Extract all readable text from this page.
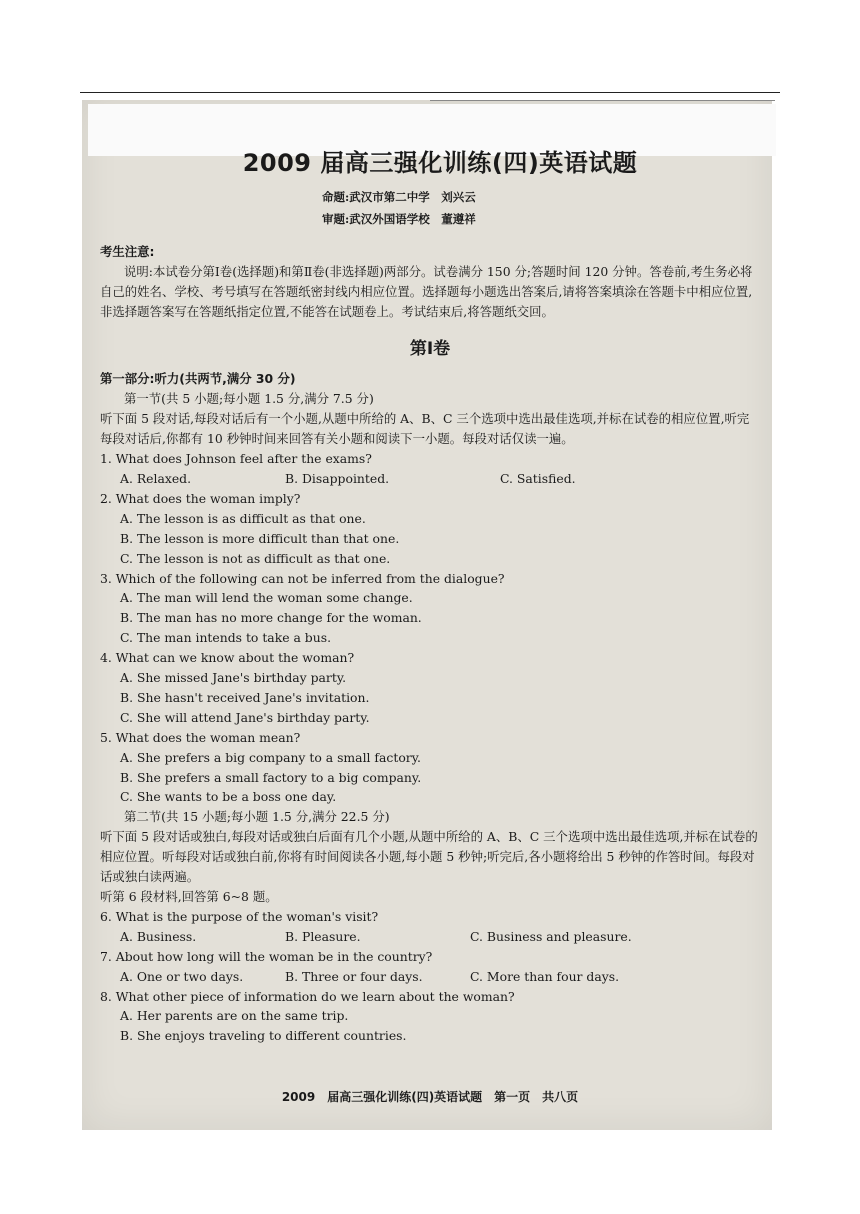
2009 届高三强化训练(四)英语试题
命题:武汉市第二中学　刘兴云
审题:武汉外国语学校　董遵祥
考生注意:
说明:本试卷分第Ⅰ卷(选择题)和第Ⅱ卷(非选择题)两部分。试卷满分 150 分;答题时间 120 分钟。答卷前,考生务必将自己的姓名、学校、考号填写在答题纸密封线内相应位置。选择题每小题选出答案后,请将答案填涂在答题卡中相应位置,非选择题答案写在答题纸指定位置,不能答在试题卷上。考试结束后,将答题纸交回。
第Ⅰ卷
第一部分:听力(共两节,满分 30 分)
第一节(共 5 小题;每小题 1.5 分,满分 7.5 分)
听下面 5 段对话,每段对话后有一个小题,从题中所给的 A、B、C 三个选项中选出最佳选项,并标在试卷的相应位置,听完每段对话后,你都有 10 秒钟时间来回答有关小题和阅读下一小题。每段对话仅读一遍。
1. What does Johnson feel after the exams?
A. Relaxed.	B. Disappointed.	C. Satisfied.
2. What does the woman imply?
A. The lesson is as difficult as that one.
B. The lesson is more difficult than that one.
C. The lesson is not as difficult as that one.
3. Which of the following can not be inferred from the dialogue?
A. The man will lend the woman some change.
B. The man has no more change for the woman.
C. The man intends to take a bus.
4. What can we know about the woman?
A. She missed Jane's birthday party.
B. She hasn't received Jane's invitation.
C. She will attend Jane's birthday party.
5. What does the woman mean?
A. She prefers a big company to a small factory.
B. She prefers a small factory to a big company.
C. She wants to be a boss one day.
第二节(共 15 小题;每小题 1.5 分,满分 22.5 分)
听下面 5 段对话或独白,每段对话或独白后面有几个小题,从题中所给的 A、B、C 三个选项中选出最佳选项,并标在试卷的相应位置。听每段对话或独白前,你将有时间阅读各小题,每小题 5 秒钟;听完后,各小题将给出 5 秒钟的作答时间。每段对话或独白读两遍。
听第 6 段材料,回答第 6~8 题。
6. What is the purpose of the woman's visit?
A. Business.	B. Pleasure.	C. Business and pleasure.
7. About how long will the woman be in the country?
A. One or two days.	B. Three or four days.	C. More than four days.
8. What other piece of information do we learn about the woman?
A. Her parents are on the same trip.
B. She enjoys traveling to different countries.
2009　届高三强化训练(四)英语试题　第一页　共八页
